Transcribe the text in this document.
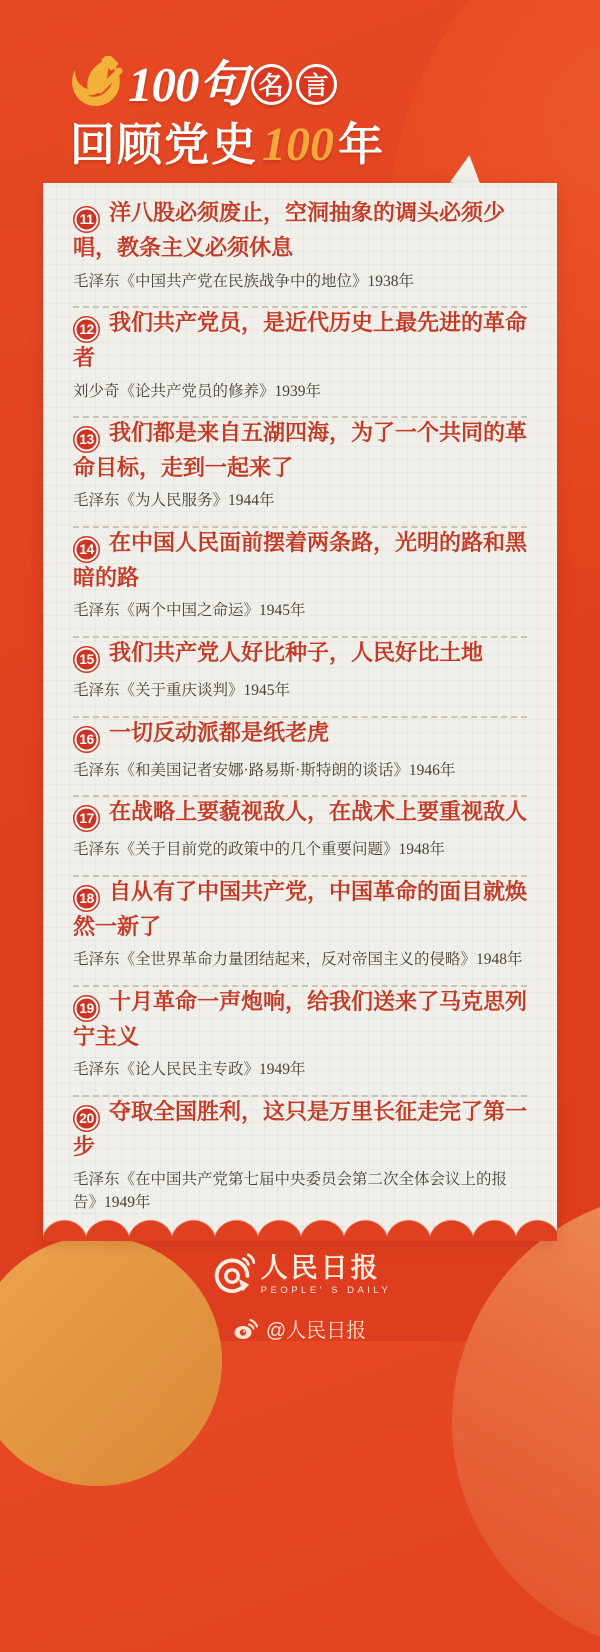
100句 名 言
回顾党史100年

11 洋八股必须废止，空洞抽象的调头必须少唱，教条主义必须休息

毛泽东《中国共产党在民族战争中的地位》1938年

12 我们共产党员，是近代历史上最先进的革命者

刘少奇《论共产党员的修养》1939年

13 我们都是来自五湖四海，为了一个共同的革命目标，走到一起来了

毛泽东《为人民服务》1944年

14 在中国人民面前摆着两条路，光明的路和黑暗的路

毛泽东《两个中国之命运》1945年

15 我们共产党人好比种子，人民好比土地

毛泽东《关于重庆谈判》1945年

16 一切反动派都是纸老虎

毛泽东《和美国记者安娜·路易斯·斯特朗的谈话》1946年

17 在战略上要藐视敌人，在战术上要重视敌人

毛泽东《关于目前党的政策中的几个重要问题》1948年

18 自从有了中国共产党，中国革命的面目就焕然一新了

毛泽东《全世界革命力量团结起来，反对帝国主义的侵略》1948年

19 十月革命一声炮响，给我们送来了马克思列宁主义

毛泽东《论人民民主专政》1949年

20 夺取全国胜利，这只是万里长征走完了第一步

毛泽东《在中国共产党第七届中央委员会第二次全体会议上的报告》1949年

人民日报
PEOPLE' S DAILY
@人民日报
